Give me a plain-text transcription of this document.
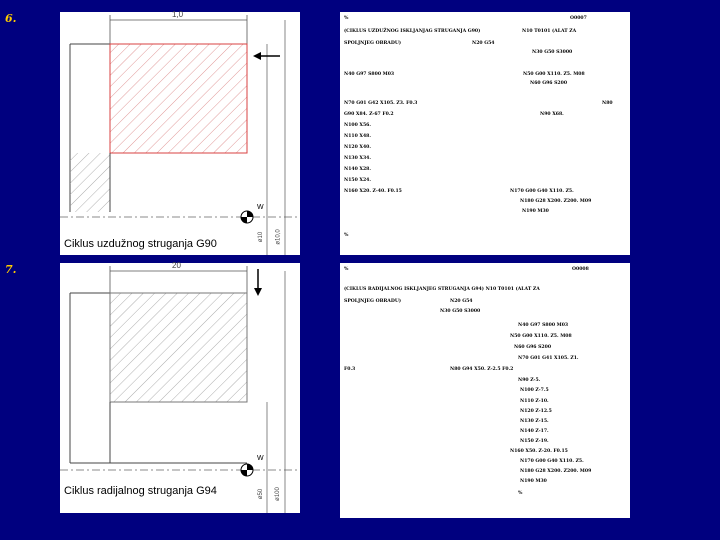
6.	1,0
ø10 ø10,0
W
Ciklus uzdužnog struganja G90
%	O0007
(CIKLUS UZDUŽNOG ISKLJANJAG STRUGANJA G90)	N10 T0101 (ALAT ZA
SPOLJNJEG OBRADU)	N20 G54
N30 G50 S3000
N40 G97 S800 M03	N50 G00 X110. Z5. M08
N60 G96 S200
N70 G01 G42 X105. Z3. F0.3	N80
G90 X84. Z-67 F0.2	N90 X68.
N100 X56.
N110 X48.
N120 X40.
N130 X34.
N140 X28.
N150 X24.
N160 X20. Z-40. F0.15	N170 G00 G40 X110. Z5.
N180 G28 X200. Z200. M09
N190 M30
%
7.	20
ø50 ø100
W
Ciklus radijalnog struganja G94
%	O0008
(CIKLUS RADIJALNOG ISKLJANJEG STRUGANJA G94) N10 T0101 (ALAT ZA
SPOLJNJEG OBRADU)	N20 G54
N30 G50 S3000
N40 G97 S800 M03
N50 G00 X110. Z5. M08
N60 G96 S200
N70 G01 G41 X105. Z1.
F0.3	N80 G94 X50. Z-2.5 F0.2
N90 Z-5.
N100 Z-7.5
N110 Z-10.
N120 Z-12.5
N130 Z-15.
N140 Z-17.
N150 Z-19.
N160 X50. Z-20. F0.15
N170 G00 G40 X110. Z5.
N180 G28 X200. Z200. M09
N190 M30
%
